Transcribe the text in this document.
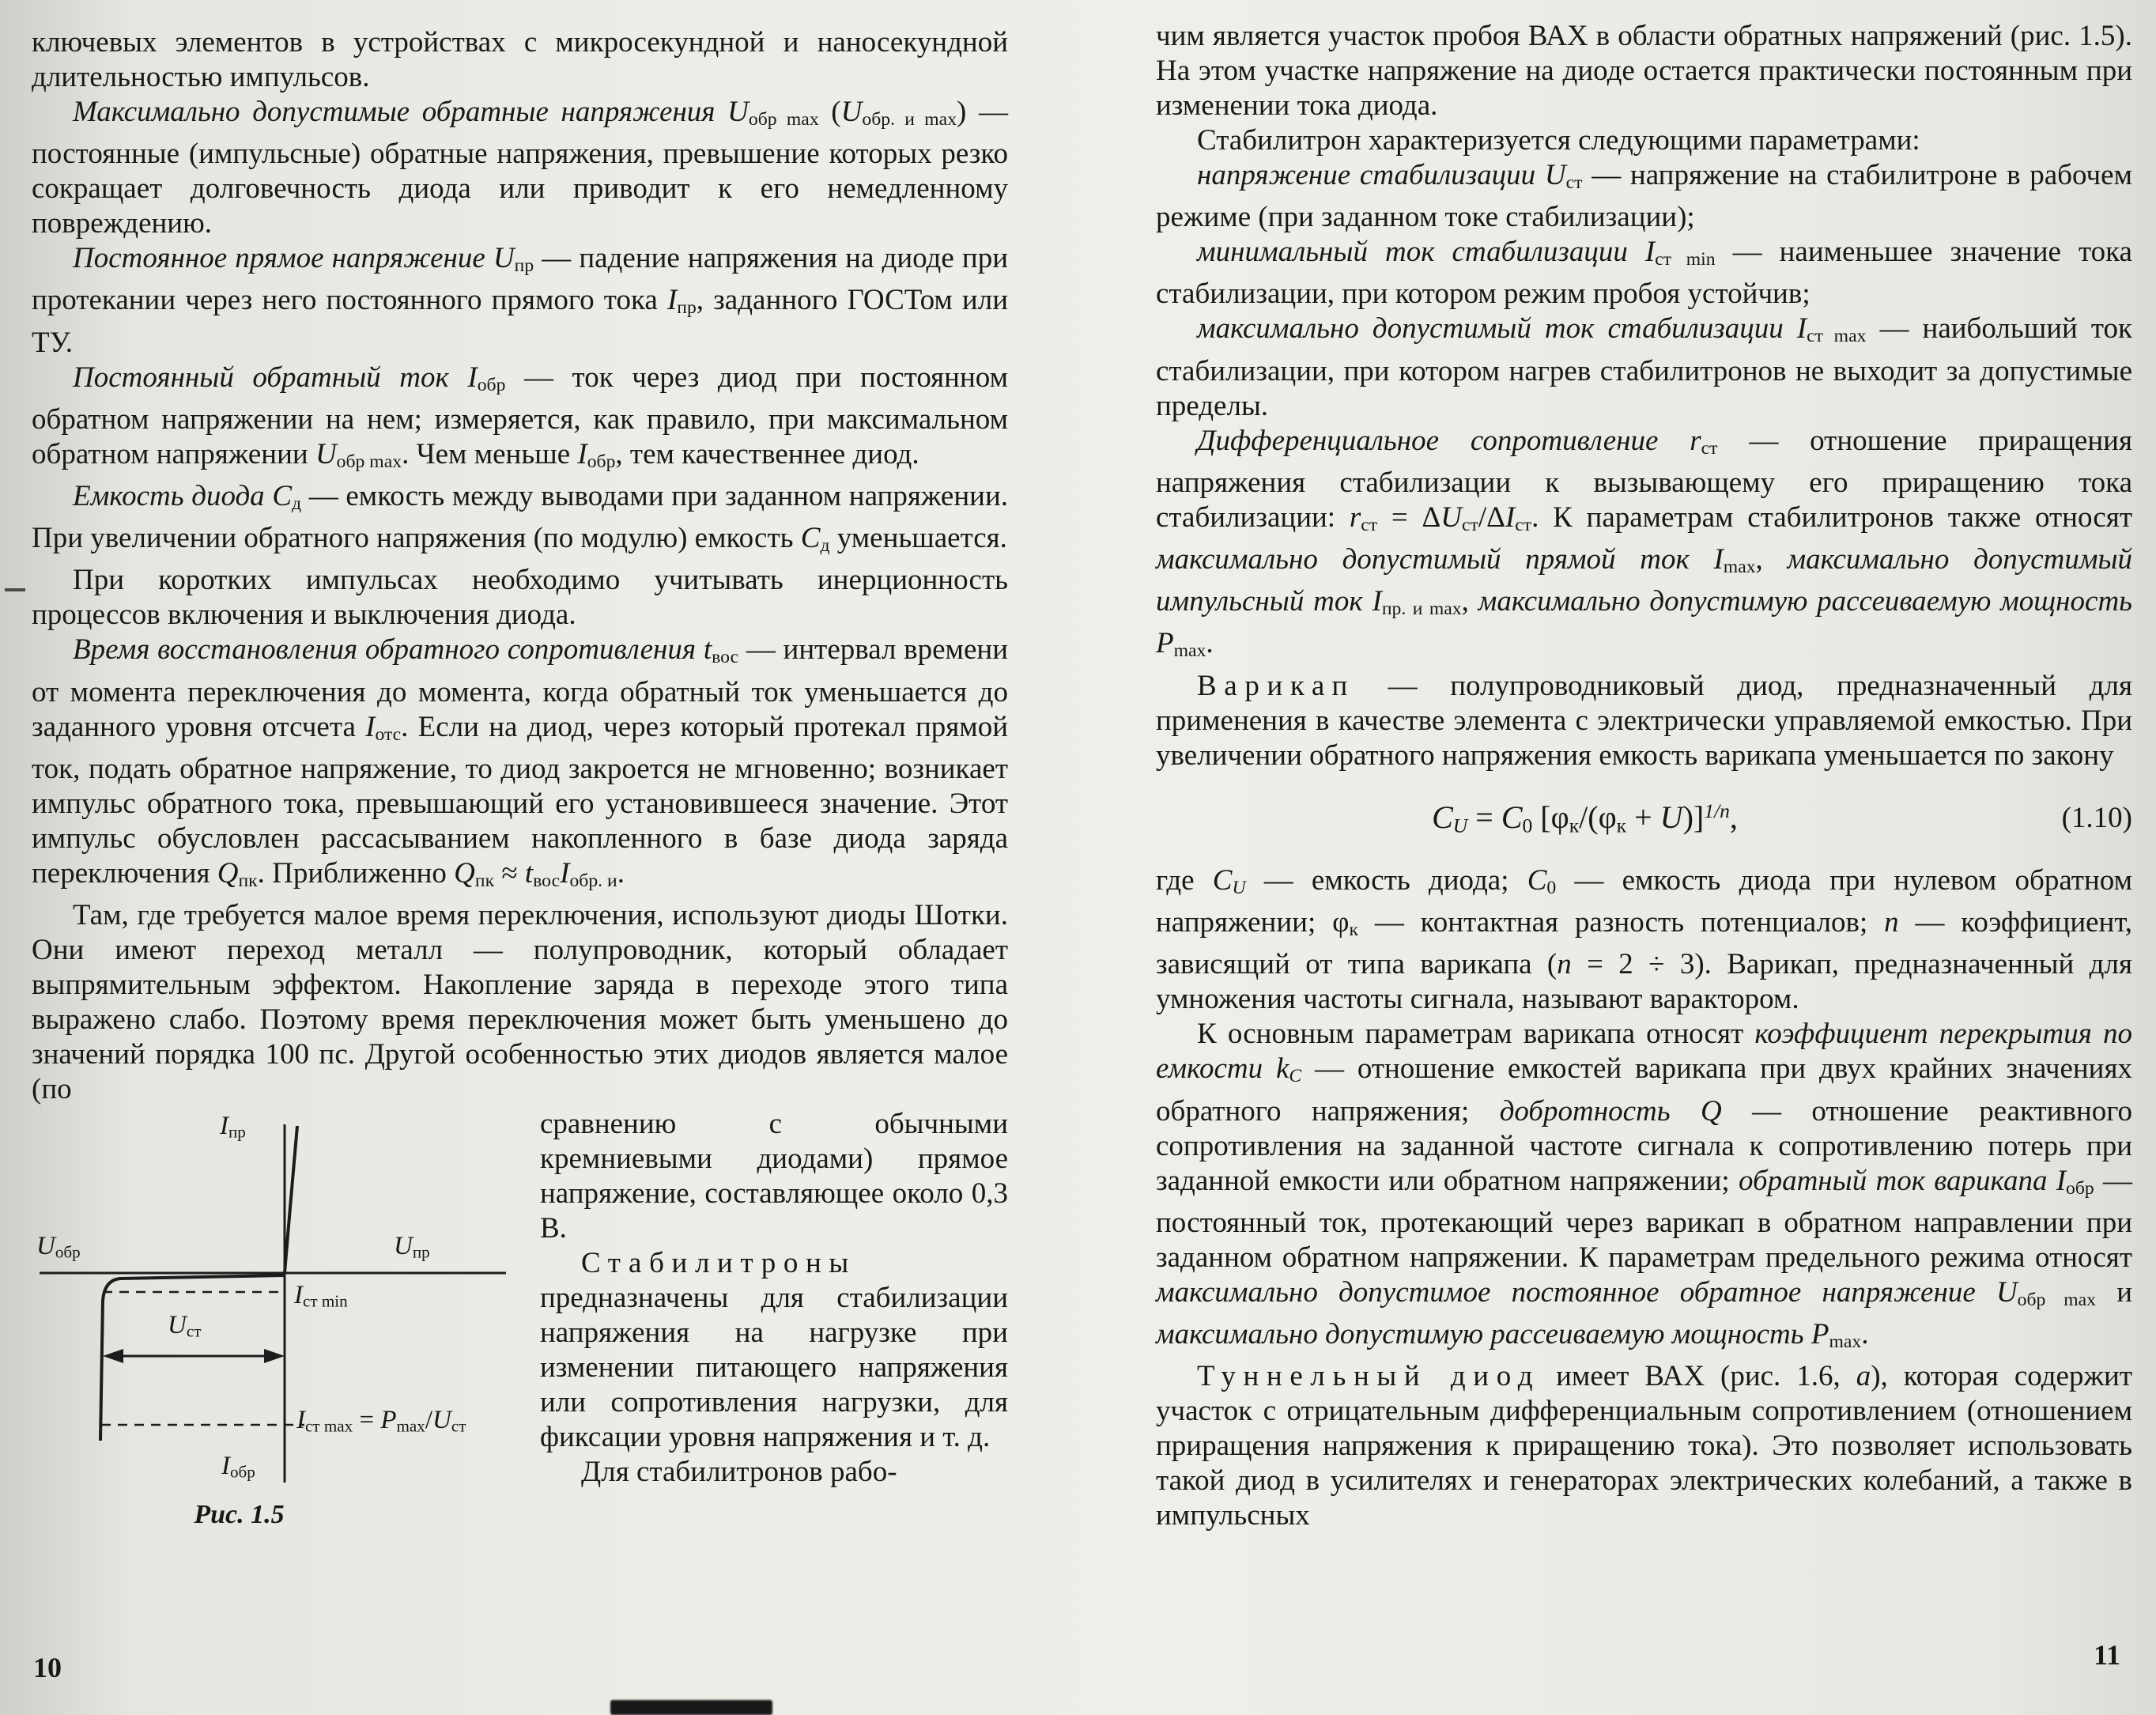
ключевых элементов в устройствах с микросекундной и наносекундной длительностью импульсов.

Максимально допустимые обратные напряжения $U_{обр max}$ $(U_{обр. и max})$ — постоянные (импульсные) обратные напряжения, превышение которых резко сокращает долговечность диода или приводит к его немедленному повреждению.

Постоянное прямое напряжение $U_{пр}$ — падение напряжения на диоде при протекании через него постоянного прямого тока $I_{пр}$, заданного ГОСТом или ТУ.

Постоянный обратный ток $I_{обр}$ — ток через диод при постоянном обратном напряжении на нем; измеряется, как правило, при максимальном обратном напряжении $U_{обр max}$. Чем меньше $I_{обр}$, тем качественнее диод.

Емкость диода $С_д$ — емкость между выводами при заданном напряжении. При увеличении обратного напряжения (по модулю) емкость $С_д$ уменьшается.

При коротких импульсах необходимо учитывать инерционность процессов включения и выключения диода.

Время восстановления обратного сопротивления $t_{вос}$ — интервал времени от момента переключения до момента, когда обратный ток уменьшается до заданного уровня отсчета $I_{отс}$. Если на диод, через который протекал прямой ток, подать обратное напряжение, то диод закроется не мгновенно; возникает импульс обратного тока, превышающий его установившееся значение. Этот импульс обусловлен рассасыванием накопленного в базе диода заряда переключения $Q_{пк}$. Приближенно $Q_{пк} \approx t_{вос}I_{обр. и}$.

Там, где требуется малое время переключения, используют диоды Шотки. Они имеют переход металл — полупроводник, который обладает выпрямительным эффектом. Накопление заряда в переходе этого типа выражено слабо. Поэтому время переключения может быть уменьшено до значений порядка 100 пс. Другой особенностью этих диодов является малое (по

$I_{пр}$
$U_{обр}$
$I_{ст min}$
$U_{пр}$
$U_{ст}$
$I_{ст max} = P_{max}/U_{ст}$
$I_{обр}$
Рис. 1.5

сравнению с обычными кремниевыми диодами) прямое напряжение, составляющее около 0,3 В.

Стабилитроны предназначены для стабилизации напряжения на нагрузке при изменении питающего напряжения или сопротивления нагрузки, для фиксации уровня напряжения и т. д.

Для стабилитронов рабо-

чим является участок пробоя ВАХ в области обратных напряжений (рис. 1.5). На этом участке напряжение на диоде остается практически постоянным при изменении тока диода.

Стабилитрон характеризуется следующими параметрами:

напряжение стабилизации $U_{ст}$ — напряжение на стабилитроне в рабочем режиме (при заданном токе стабилизации);

минимальный ток стабилизации $I_{ст min}$ — наименьшее значение тока стабилизации, при котором режим пробоя устойчив;

максимально допустимый ток стабилизации $I_{ст max}$ — наибольший ток стабилизации, при котором нагрев стабилитронов не выходит за допустимые пределы.

Дифференциальное сопротивление $r_{ст}$ — отношение приращения напряжения стабилизации к вызывающему его приращению тока стабилизации: $r_{ст} = \Delta U_{ст}/\Delta I_{ст}$. К параметрам стабилитронов также относят максимально допустимый прямой ток $I_{max}$, максимально допустимый импульсный ток $I_{пр. и max}$, максимально допустимую рассеиваемую мощность $P_{max}$.

Варикап — полупроводниковый диод, предназначенный для применения в качестве элемента с электрически управляемой емкостью. При увеличении обратного напряжения емкость варикапа уменьшается по закону

$C_U = C_0$ $[\varphi_к/(\varphi_к + U)]^{1/n}$,	(1.10)

где $C_U$ — емкость диода; $C_0$ — емкость диода при нулевом обратном напряжении; $\varphi_к$ — контактная разность потенциалов; n — коэффициент, зависящий от типа варикапа (n = 2 ÷ 3). Варикап, предназначенный для умножения частоты сигнала, называют варактором.

К основным параметрам варикапа относят коэффициент перекрытия по емкости $k_C$ — отношение емкостей варикапа при двух крайних значениях обратного напряжения; добротность Q — отношение реактивного сопротивления на заданной частоте сигнала к сопротивлению потерь при заданной емкости или обратном напряжении; обратный ток варикапа $I_{обр}$ — постоянный ток, протекающий через варикап в обратном направлении при заданном обратном напряжении. К параметрам предельного режима относят максимально допустимое постоянное обратное напряжение $U_{обр max}$ и максимально допустимую рассеиваемую мощность $P_{max}$.

Туннельный диод имеет ВАХ (рис. 1.6, а), которая содержит участок с отрицательным дифференциальным сопротивлением (отношением приращения напряжения к приращению тока). Это позволяет использовать такой диод в усилителях и генераторах электрических колебаний, а также в импульсных

10	11
